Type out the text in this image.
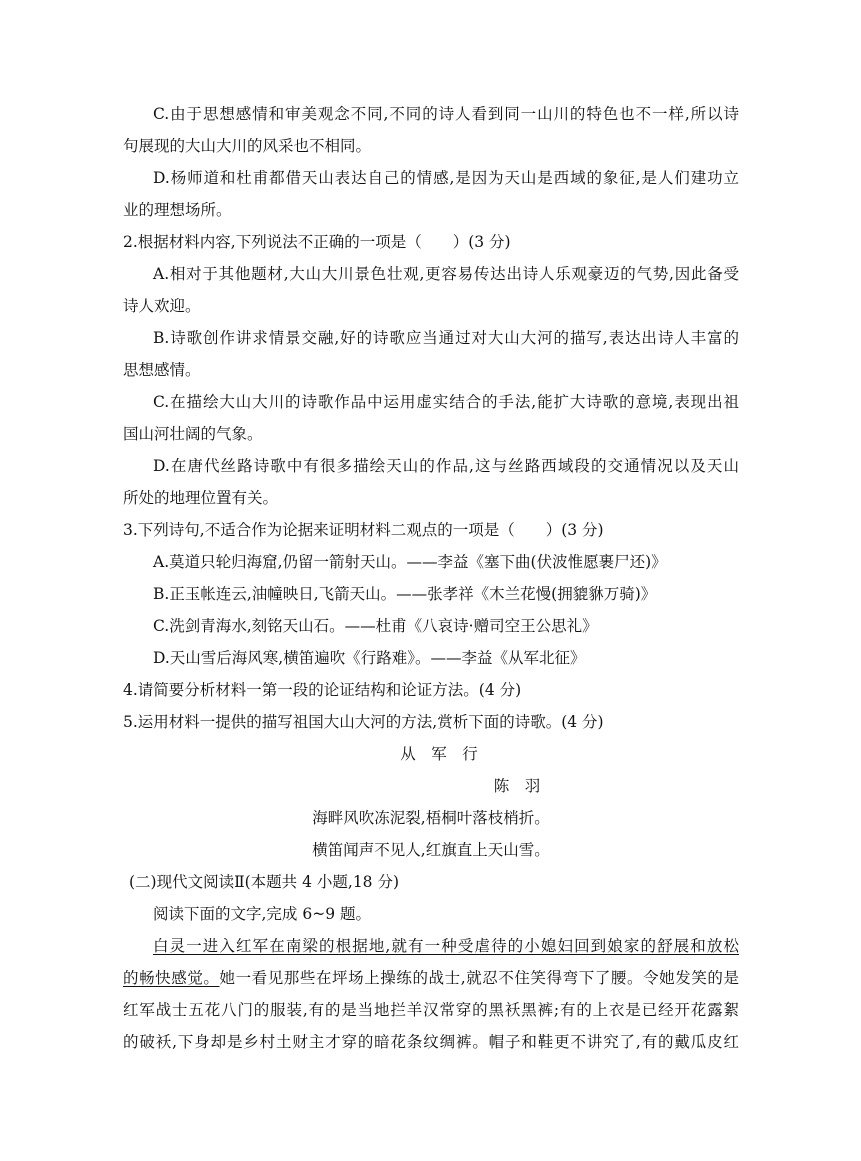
C.由于思想感情和审美观念不同,不同的诗人看到同一山川的特色也不一样,所以诗
句展现的大山大川的风采也不相同。
D.杨师道和杜甫都借天山表达自己的情感,是因为天山是西域的象征,是人们建功立
业的理想场所。
2.根据材料内容,下列说法不正确的一项是（　　）(3 分)
A.相对于其他题材,大山大川景色壮观,更容易传达出诗人乐观豪迈的气势,因此备受
诗人欢迎。
B.诗歌创作讲求情景交融,好的诗歌应当通过对大山大河的描写,表达出诗人丰富的
思想感情。
C.在描绘大山大川的诗歌作品中运用虚实结合的手法,能扩大诗歌的意境,表现出祖
国山河壮阔的气象。
D.在唐代丝路诗歌中有很多描绘天山的作品,这与丝路西域段的交通情况以及天山
所处的地理位置有关。
3.下列诗句,不适合作为论据来证明材料二观点的一项是（　　）(3 分)
A.莫道只轮归海窟,仍留一箭射天山。——李益《塞下曲(伏波惟愿裹尸还)》
B.正玉帐连云,油幢映日,飞箭天山。——张孝祥《木兰花慢(拥貔貅万骑)》
C.洗剑青海水,刻铭天山石。——杜甫《八哀诗·赠司空王公思礼》
D.天山雪后海风寒,横笛遍吹《行路难》。——李益《从军北征》
4.请简要分析材料一第一段的论证结构和论证方法。(4 分)
5.运用材料一提供的描写祖国大山大河的方法,赏析下面的诗歌。(4 分)
从　军　行
陈　羽
海畔风吹冻泥裂,梧桐叶落枝梢折。
横笛闻声不见人,红旗直上天山雪。
(二)现代文阅读Ⅱ(本题共 4 小题,18 分)
阅读下面的文字,完成 6~9 题。
白灵一进入红军在南梁的根据地,就有一种受虐待的小媳妇回到娘家的舒展和放松
的畅快感觉。她一看见那些在坪场上操练的战士,就忍不住笑得弯下了腰。令她发笑的是
红军战士五花八门的服装,有的是当地拦羊汉常穿的黑袄黑裤;有的上衣是已经开花露絮
的破袄,下身却是乡村土财主才穿的暗花条纹绸裤。帽子和鞋更不讲究了,有的戴瓜皮红
